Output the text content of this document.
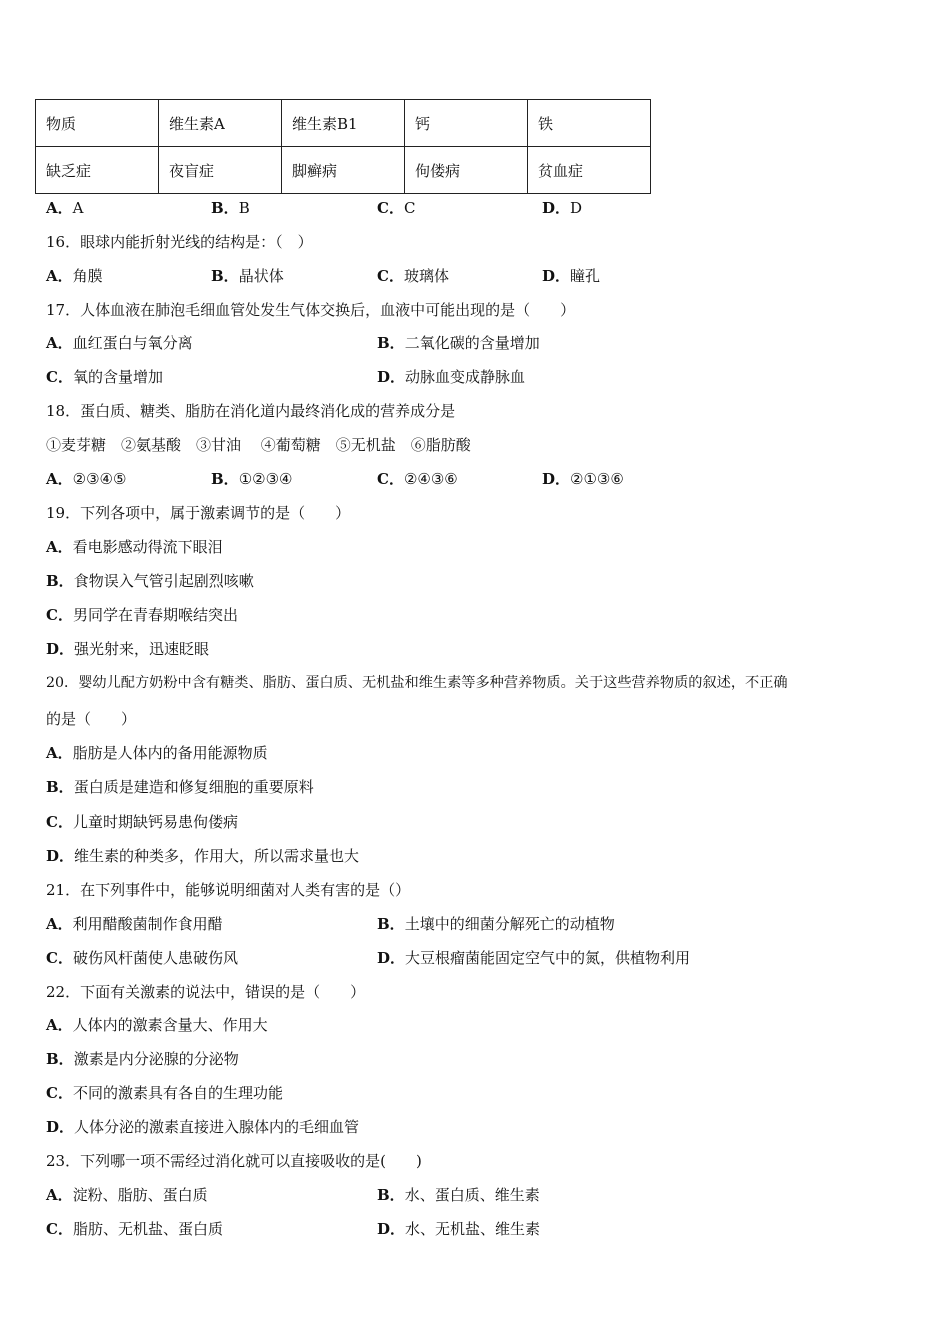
物质	维生素A	维生素B1	钙	铁
缺乏症	夜盲症	脚癣病	佝偻病	贫血症
A．A	B．B	C．C	D．D
16．眼球内能折射光线的结构是：（　）
A．角膜	B．晶状体	C．玻璃体	D．瞳孔
17．人体血液在肺泡毛细血管处发生气体交换后，血液中可能出现的是（　　）
A．血红蛋白与氧分离	B．二氧化碳的含量增加
C．氧的含量增加	D．动脉血变成静脉血
18．蛋白质、糖类、脂肪在消化道内最终消化成的营养成分是
①麦芽糖　②氨基酸　③甘油　 ④葡萄糖　⑤无机盐　⑥脂肪酸
A．②③④⑤	B．①②③④	C．②④③⑥	D．②①③⑥
19．下列各项中，属于激素调节的是（　　）
A．看电影感动得流下眼泪
B．食物误入气管引起剧烈咳嗽
C．男同学在青春期喉结突出
D．强光射来，迅速眨眼
20．婴幼儿配方奶粉中含有糖类、脂肪、蛋白质、无机盐和维生素等多种营养物质。关于这些营养物质的叙述，不正确
的是（　　）
A．脂肪是人体内的备用能源物质
B．蛋白质是建造和修复细胞的重要原料
C．儿童时期缺钙易患佝偻病
D．维生素的种类多，作用大，所以需求量也大
21．在下列事件中，能够说明细菌对人类有害的是（）
A．利用醋酸菌制作食用醋	B．土壤中的细菌分解死亡的动植物
C．破伤风杆菌使人患破伤风	D．大豆根瘤菌能固定空气中的氮，供植物利用
22．下面有关激素的说法中，错误的是（　　）
A．人体内的激素含量大、作用大
B．激素是内分泌腺的分泌物
C．不同的激素具有各自的生理功能
D．人体分泌的激素直接进入腺体内的毛细血管
23．下列哪一项不需经过消化就可以直接吸收的是(　　)
A．淀粉、脂肪、蛋白质	B．水、蛋白质、维生素
C．脂肪、无机盐、蛋白质	D．水、无机盐、维生素
